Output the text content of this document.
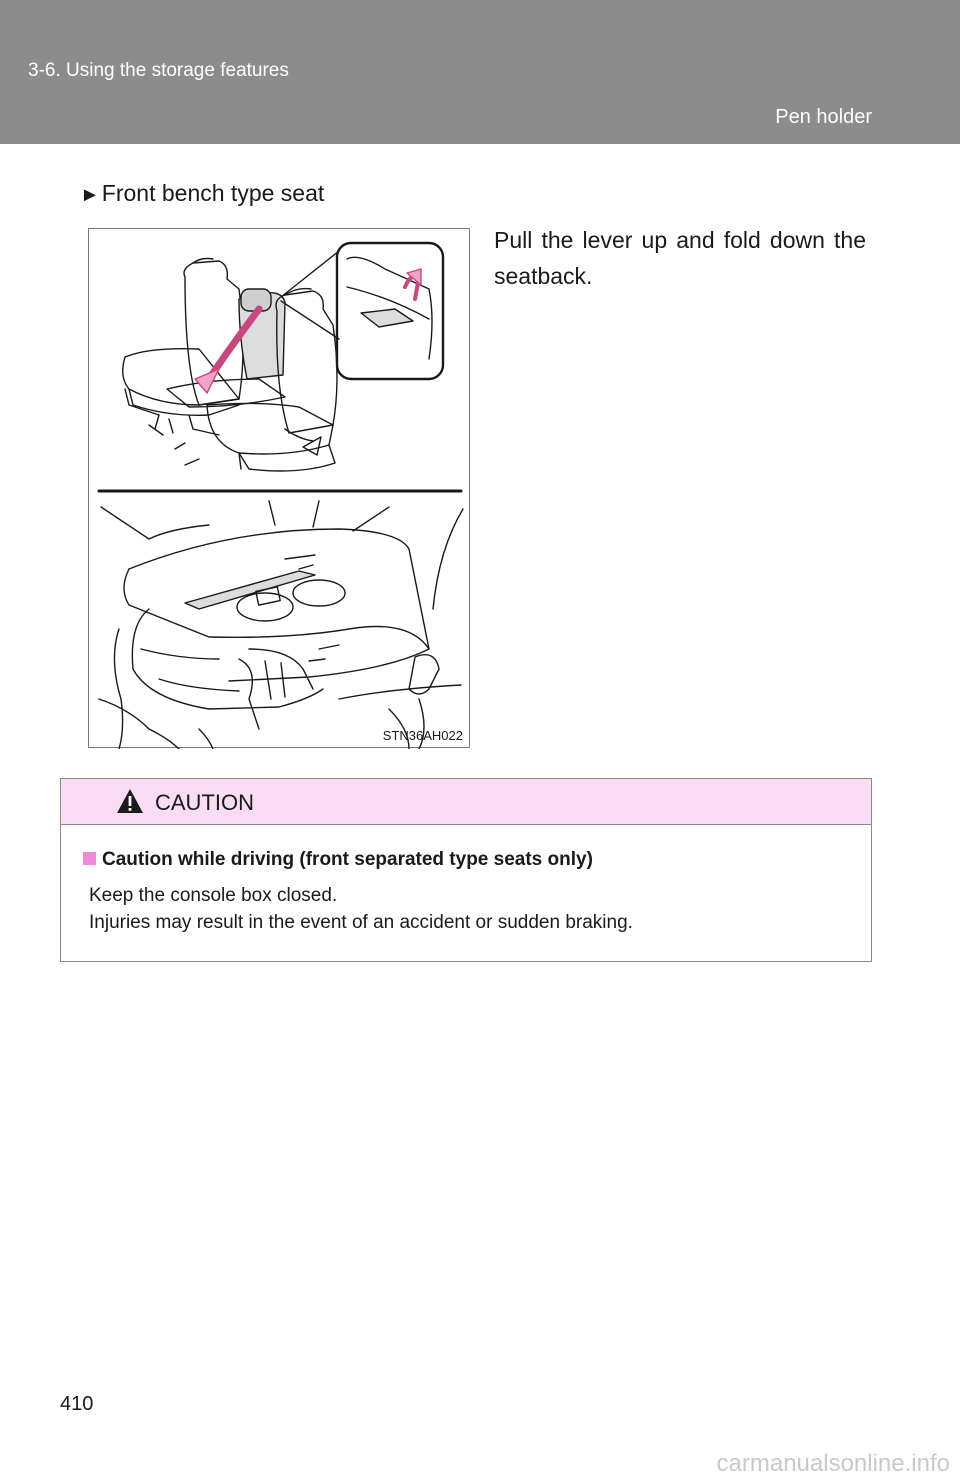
3-6. Using the storage features
Pen holder
►Front bench type seat
STN36AH022
Pull the lever up and fold down the seatback.
CAUTION
Caution while driving (front separated type seats only)
Keep the console box closed.
Injuries may result in the event of an accident or sudden braking.
410
carmanualsonline.info
